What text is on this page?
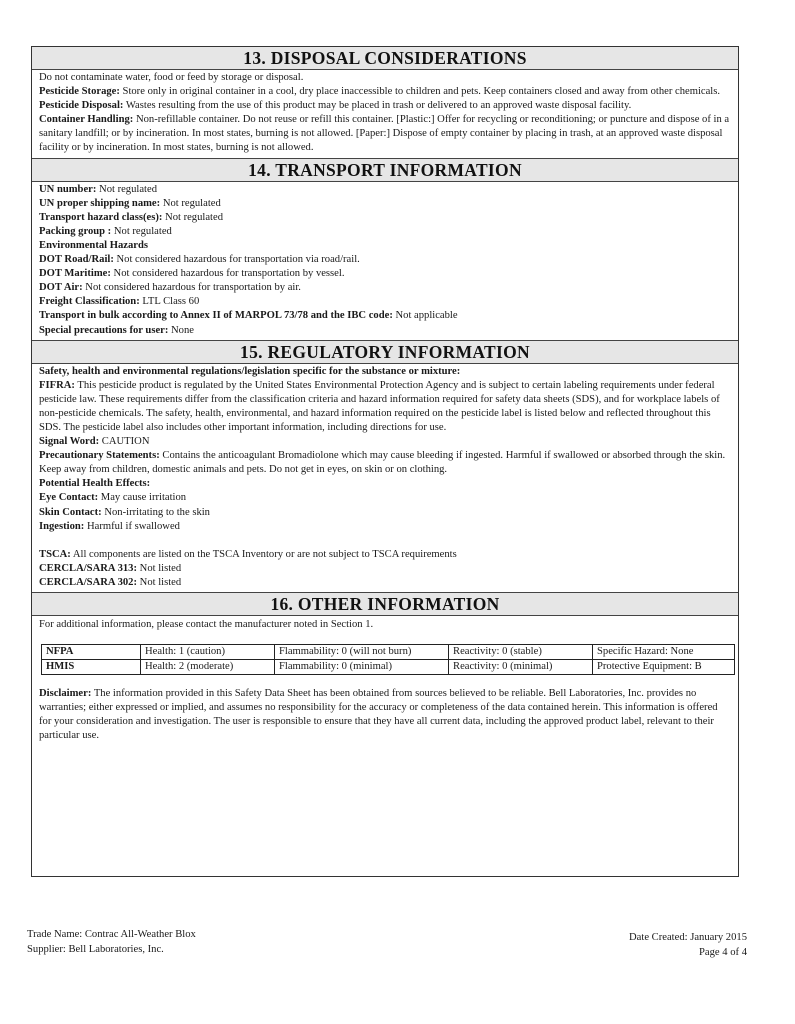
13. DISPOSAL CONSIDERATIONS

Do not contaminate water, food or feed by storage or disposal.

Pesticide Storage: Store only in original container in a cool, dry place inaccessible to children and pets. Keep containers closed and away from other chemicals.

Pesticide Disposal: Wastes resulting from the use of this product may be placed in trash or delivered to an approved waste disposal facility.

Container Handling: Non-refillable container. Do not reuse or refill this container. [Plastic:] Offer for recycling or reconditioning; or puncture and dispose of in a sanitary landfill; or by incineration. In most states, burning is not allowed. [Paper:] Dispose of empty container by placing in trash, at an approved waste disposal facility or by incineration. In most states, burning is not allowed.

14. TRANSPORT INFORMATION

UN number: Not regulated

UN proper shipping name: Not regulated

Transport hazard class(es): Not regulated

Packing group : Not regulated

Environmental Hazards

DOT Road/Rail: Not considered hazardous for transportation via road/rail.

DOT Maritime: Not considered hazardous for transportation by vessel.

DOT Air: Not considered hazardous for transportation by air.

Freight Classification: LTL Class 60

Transport in bulk according to Annex II of MARPOL 73/78 and the IBC code: Not applicable

Special precautions for user: None

15. REGULATORY INFORMATION

Safety, health and environmental regulations/legislation specific for the substance or mixture:

FIFRA: This pesticide product is regulated by the United States Environmental Protection Agency and is subject to certain labeling requirements under federal pesticide law. These requirements differ from the classification criteria and hazard information required for safety data sheets (SDS), and for workplace labels of non-pesticide chemicals. The safety, health, environmental, and hazard information required on the pesticide label is listed below and reflected throughout this SDS. The pesticide label also includes other important information, including directions for use.

Signal Word: CAUTION

Precautionary Statements: Contains the anticoagulant Bromadiolone which may cause bleeding if ingested. Harmful if swallowed or absorbed through the skin. Keep away from children, domestic animals and pets. Do not get in eyes, on skin or on clothing.

Potential Health Effects:

Eye Contact: May cause irritation

Skin Contact: Non-irritating to the skin

Ingestion: Harmful if swallowed

TSCA: All components are listed on the TSCA Inventory or are not subject to TSCA requirements

CERCLA/SARA 313: Not listed

CERCLA/SARA 302: Not listed

16. OTHER INFORMATION

For additional information, please contact the manufacturer noted in Section 1.

NFPA	Health: 1 (caution)	Flammability: 0 (will not burn)	Reactivity: 0 (stable)	Specific Hazard: None
HMIS	Health: 2 (moderate)	Flammability: 0 (minimal)	Reactivity: 0 (minimal)	Protective Equipment: B

Disclaimer: The information provided in this Safety Data Sheet has been obtained from sources believed to be reliable. Bell Laboratories, Inc. provides no warranties; either expressed or implied, and assumes no responsibility for the accuracy or completeness of the data contained herein. This information is offered for your consideration and investigation. The user is responsible to ensure that they have all current data, including the approved product label, relevant to their particular use.

Trade Name: Contrac All-Weather Blox
Supplier: Bell Laboratories, Inc.
Date Created: January 2015
Page 4 of 4
